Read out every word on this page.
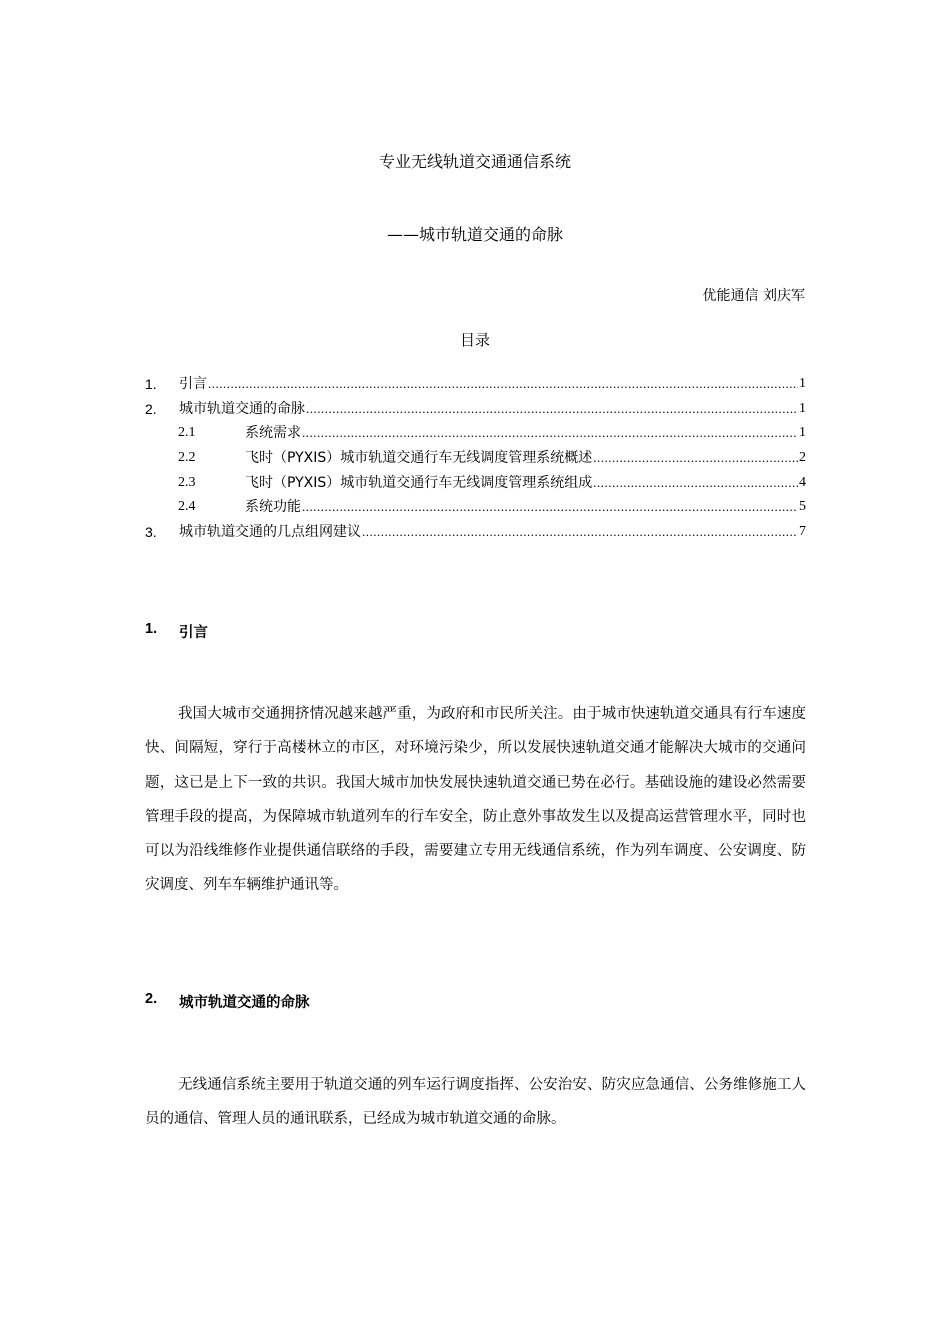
专业无线轨道交通通信系统
——城市轨道交通的命脉
优能通信 刘庆军
目录
1.	引言 .....	1
2.	城市轨道交通的命脉 .....	1
2.1	系统需求 .....	1
2.2	飞时（PYXIS）城市轨道交通行车无线调度管理系统概述 .....	2
2.3	飞时（PYXIS）城市轨道交通行车无线调度管理系统组成 .....	4
2.4	系统功能 .....	5
3.	城市轨道交通的几点组网建议 .....	7
1.	引言
我国大城市交通拥挤情况越来越严重，为政府和市民所关注。由于城市快速轨道交通具有行车速度快、间隔短，穿行于高楼林立的市区，对环境污染少，所以发展快速轨道交通才能解决大城市的交通问题，这已是上下一致的共识。我国大城市加快发展快速轨道交通已势在必行。基础设施的建设必然需要管理手段的提高，为保障城市轨道列车的行车安全，防止意外事故发生以及提高运营管理水平，同时也可以为沿线维修作业提供通信联络的手段，需要建立专用无线通信系统，作为列车调度、公安调度、防灾调度、列车车辆维护通讯等。
2.	城市轨道交通的命脉
无线通信系统主要用于轨道交通的列车运行调度指挥、公安治安、防灾应急通信、公务维修施工人员的通信、管理人员的通讯联系，已经成为城市轨道交通的命脉。
